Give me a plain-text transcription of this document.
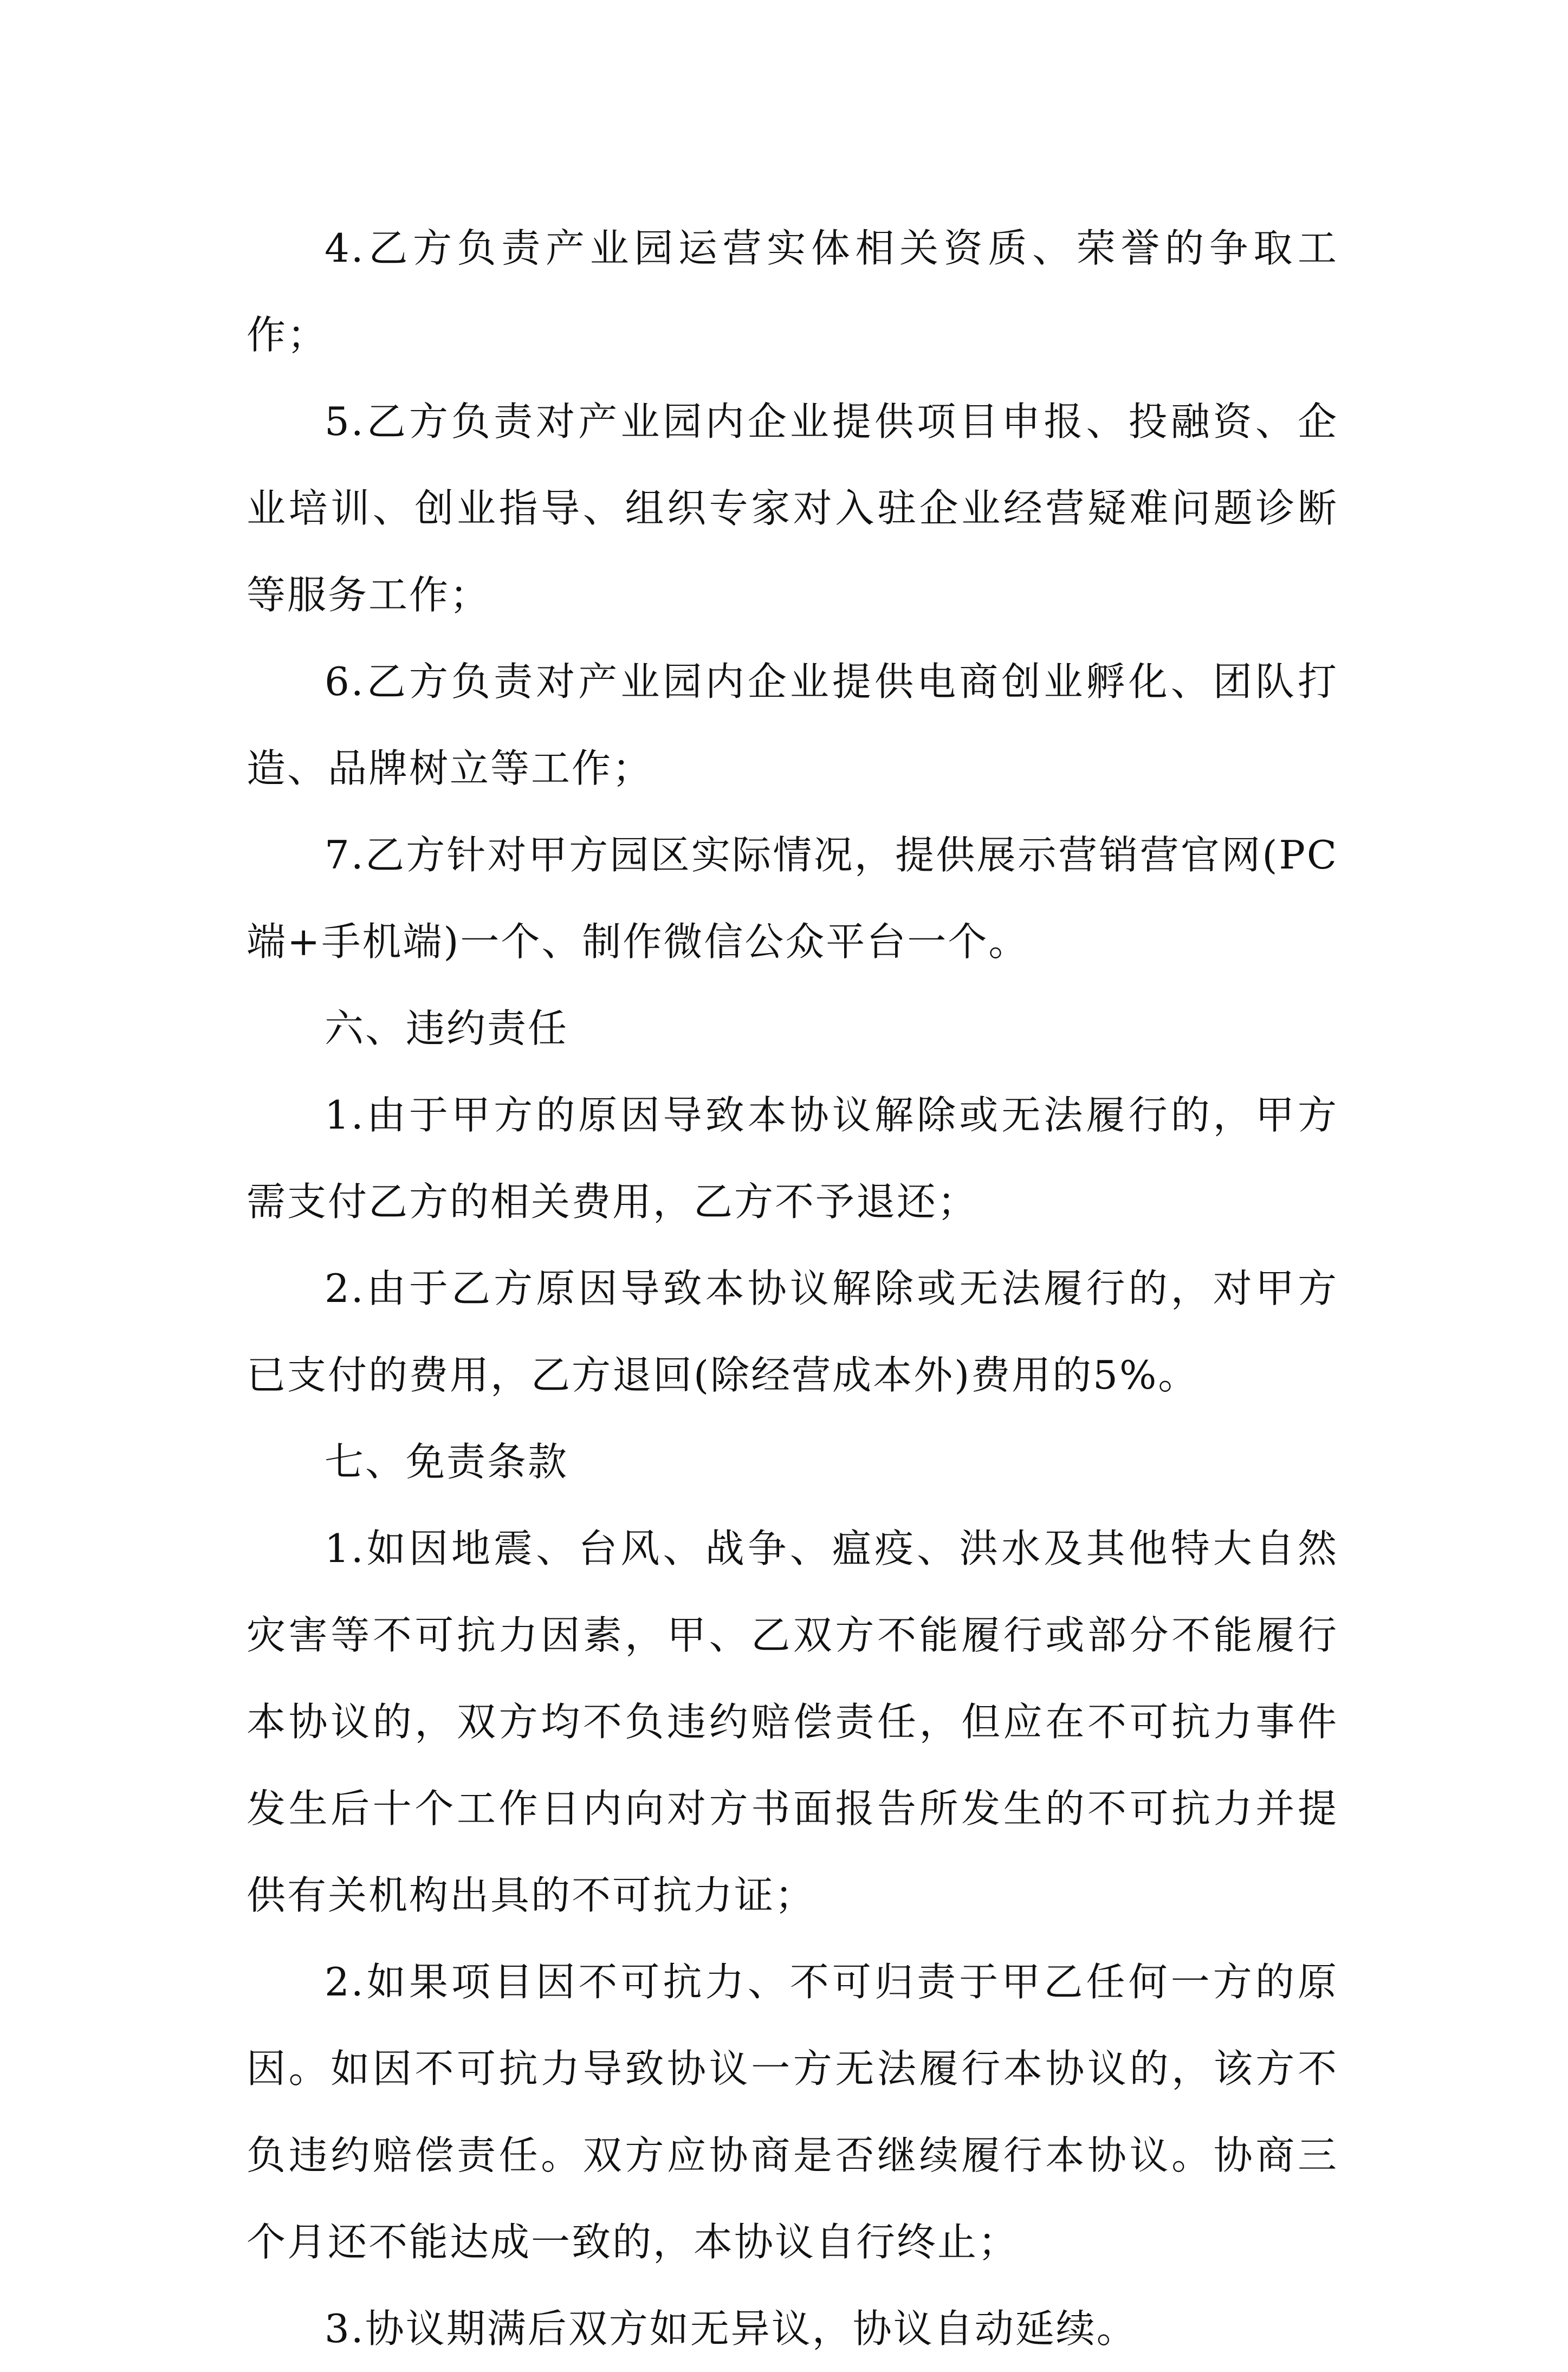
4.乙方负责产业园运营实体相关资质、荣誉的争取工作；

5.乙方负责对产业园内企业提供项目申报、投融资、企业培训、创业指导、组织专家对入驻企业经营疑难问题诊断等服务工作；

6.乙方负责对产业园内企业提供电商创业孵化、团队打造、品牌树立等工作；

7.乙方针对甲方园区实际情况，提供展示营销营官网(PC端+手机端)一个、制作微信公众平台一个。

六、违约责任

1.由于甲方的原因导致本协议解除或无法履行的，甲方需支付乙方的相关费用，乙方不予退还；

2.由于乙方原因导致本协议解除或无法履行的，对甲方已支付的费用，乙方退回(除经营成本外)费用的5%。

七、免责条款

1.如因地震、台风、战争、瘟疫、洪水及其他特大自然灾害等不可抗力因素，甲、乙双方不能履行或部分不能履行本协议的，双方均不负违约赔偿责任，但应在不可抗力事件发生后十个工作日内向对方书面报告所发生的不可抗力并提供有关机构出具的不可抗力证；

2.如果项目因不可抗力、不可归责于甲乙任何一方的原因。如因不可抗力导致协议一方无法履行本协议的，该方不负违约赔偿责任。双方应协商是否继续履行本协议。协商三个月还不能达成一致的，本协议自行终止；

3.协议期满后双方如无异议，协议自动延续。
